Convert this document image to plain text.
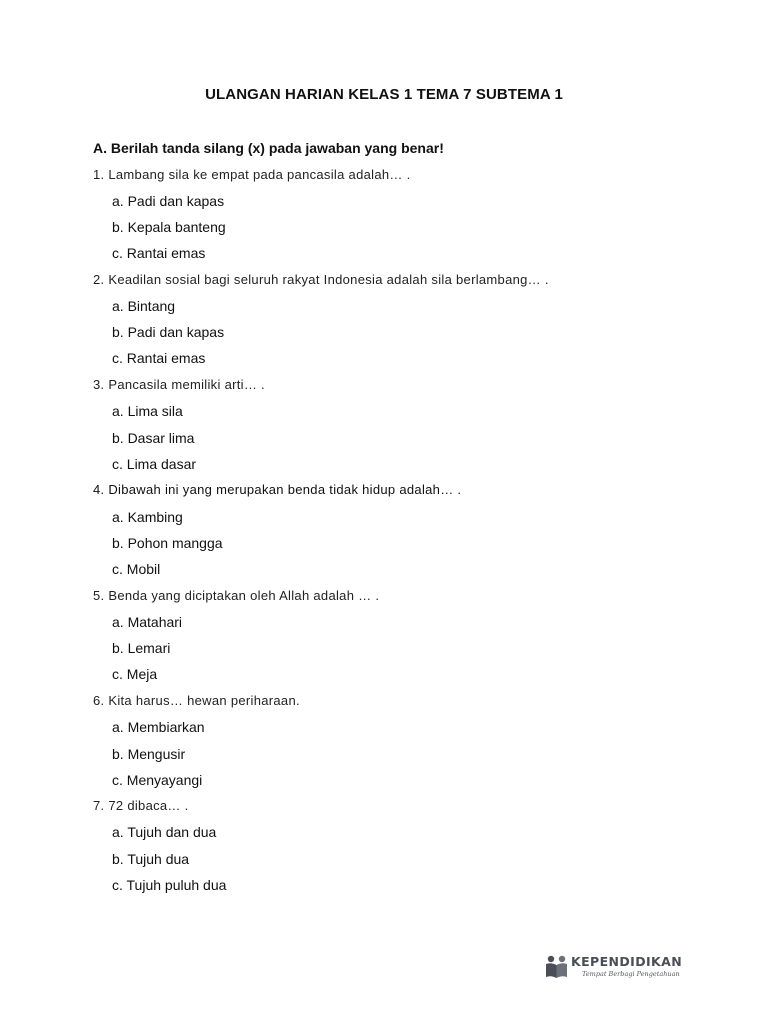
ULANGAN HARIAN KELAS 1 TEMA 7 SUBTEMA 1
A. Berilah tanda silang (x) pada jawaban yang benar!
1. Lambang sila ke empat pada pancasila adalah… .
a. Padi dan kapas
b. Kepala banteng
c. Rantai emas
2. Keadilan sosial bagi seluruh rakyat Indonesia adalah sila berlambang… .
a. Bintang
b. Padi dan kapas
c. Rantai emas
3. Pancasila memiliki arti… .
a. Lima sila
b. Dasar lima
c. Lima dasar
4. Dibawah ini yang merupakan benda tidak hidup adalah… .
a. Kambing
b. Pohon mangga
c. Mobil
5. Benda yang diciptakan oleh Allah adalah … .
a. Matahari
b. Lemari
c. Meja
6. Kita harus… hewan periharaan.
a. Membiarkan
b. Mengusir
c. Menyayangi
7. 72 dibaca… .
a. Tujuh dan dua
b. Tujuh dua
c. Tujuh puluh dua
KEPENDIDIKAN
Tempat Berbagi Pengetahuan
